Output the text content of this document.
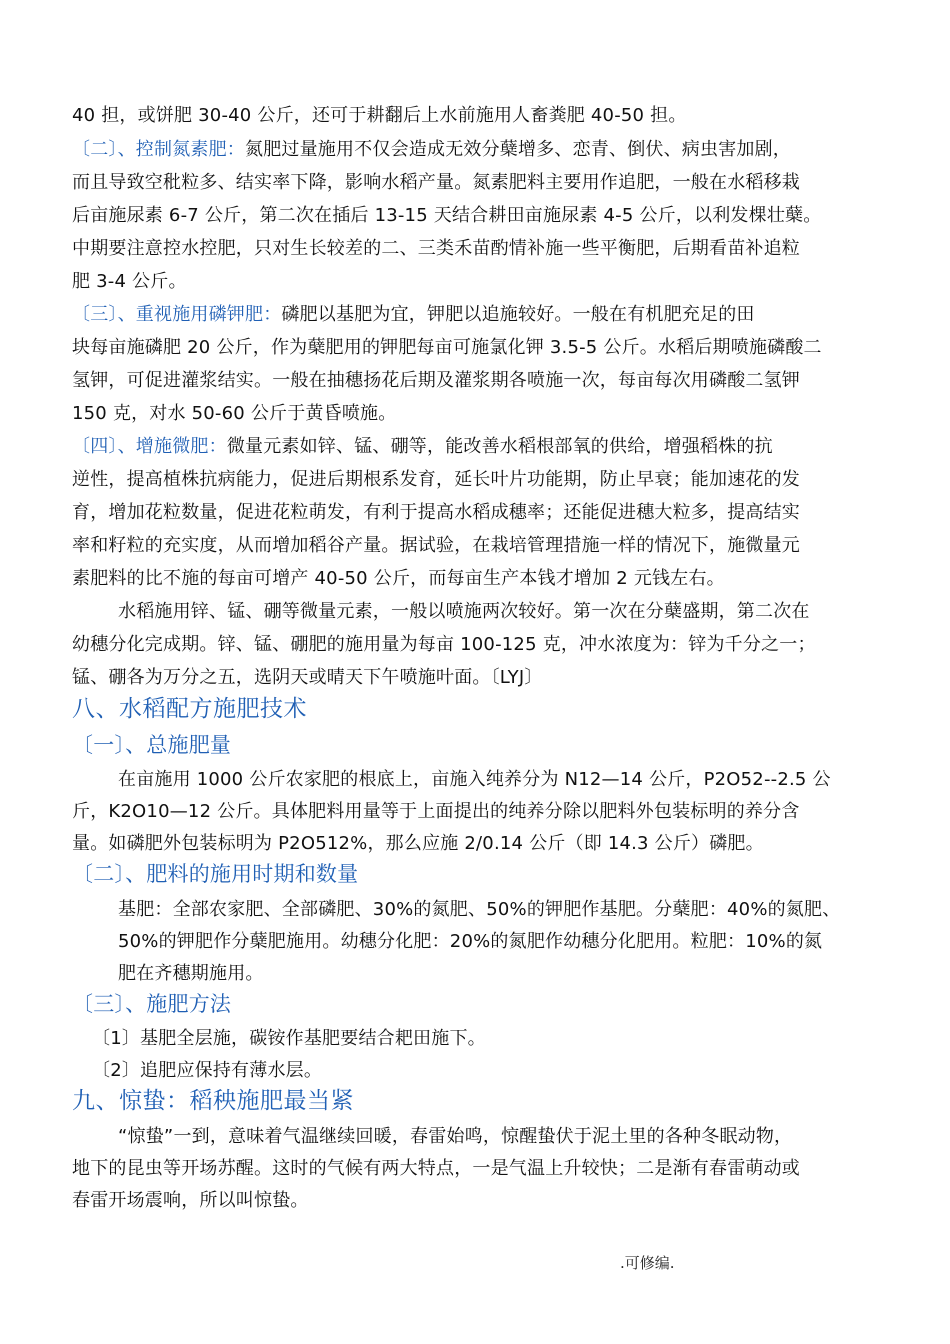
40 担，或饼肥 30-40 公斤，还可于耕翻后上水前施用人畜粪肥 40-50 担。
〔二〕、控制氮素肥：氮肥过量施用不仅会造成无效分蘖增多、恋青、倒伏、病虫害加剧，
而且导致空秕粒多、结实率下降，影响水稻产量。氮素肥料主要用作追肥，一般在水稻移栽
后亩施尿素 6-7 公斤，第二次在插后 13-15 天结合耕田亩施尿素 4-5 公斤，以利发棵壮蘖。
中期要注意控水控肥，只对生长较差的二、三类禾苗酌情补施一些平衡肥，后期看苗补追粒
肥 3-4 公斤。
〔三〕、重视施用磷钾肥：磷肥以基肥为宜，钾肥以追施较好。一般在有机肥充足的田
块每亩施磷肥 20 公斤，作为蘖肥用的钾肥每亩可施氯化钾 3.5-5 公斤。水稻后期喷施磷酸二
氢钾，可促进灌浆结实。一般在抽穗扬花后期及灌浆期各喷施一次，每亩每次用磷酸二氢钾
150 克，对水 50-60 公斤于黄昏喷施。
〔四〕、增施微肥：微量元素如锌、锰、硼等，能改善水稻根部氧的供给，增强稻株的抗
逆性，提高植株抗病能力，促进后期根系发育，延长叶片功能期，防止早衰；能加速花的发
育，增加花粒数量，促进花粒萌发，有利于提高水稻成穗率；还能促进穗大粒多，提高结实
率和籽粒的充实度，从而增加稻谷产量。据试验，在栽培管理措施一样的情况下，施微量元
素肥料的比不施的每亩可增产 40-50 公斤，而每亩生产本钱才增加 2 元钱左右。
水稻施用锌、锰、硼等微量元素，一般以喷施两次较好。第一次在分蘖盛期，第二次在
幼穗分化完成期。锌、锰、硼肥的施用量为每亩 100-125 克，冲水浓度为：锌为千分之一；
锰、硼各为万分之五，选阴天或晴天下午喷施叶面。〔LYJ〕
八、水稻配方施肥技术
〔一〕、总施肥量
在亩施用 1000 公斤农家肥的根底上，亩施入纯养分为 N12—14 公斤，P2O52--2.5 公
斤，K2O10—12 公斤。具体肥料用量等于上面提出的纯养分除以肥料外包装标明的养分含
量。如磷肥外包装标明为 P2O512%，那么应施 2/0.14 公斤（即 14.3 公斤）磷肥。
〔二〕、肥料的施用时期和数量
基肥：全部农家肥、全部磷肥、30%的氮肥、50%的钾肥作基肥。分蘖肥：40%的氮肥、
50%的钾肥作分蘖肥施用。幼穗分化肥：20%的氮肥作幼穗分化肥用。粒肥：10%的氮
肥在齐穗期施用。
〔三〕、施肥方法
〔1〕基肥全层施，碳铵作基肥要结合耙田施下。
〔2〕追肥应保持有薄水层。
九、惊蛰：稻秧施肥最当紧
“惊蛰”一到，意味着气温继续回暖，春雷始鸣，惊醒蛰伏于泥土里的各种冬眠动物，
地下的昆虫等开场苏醒。这时的气候有两大特点，一是气温上升较快；二是渐有春雷萌动或
春雷开场震响，所以叫惊蛰。
.可修编.
